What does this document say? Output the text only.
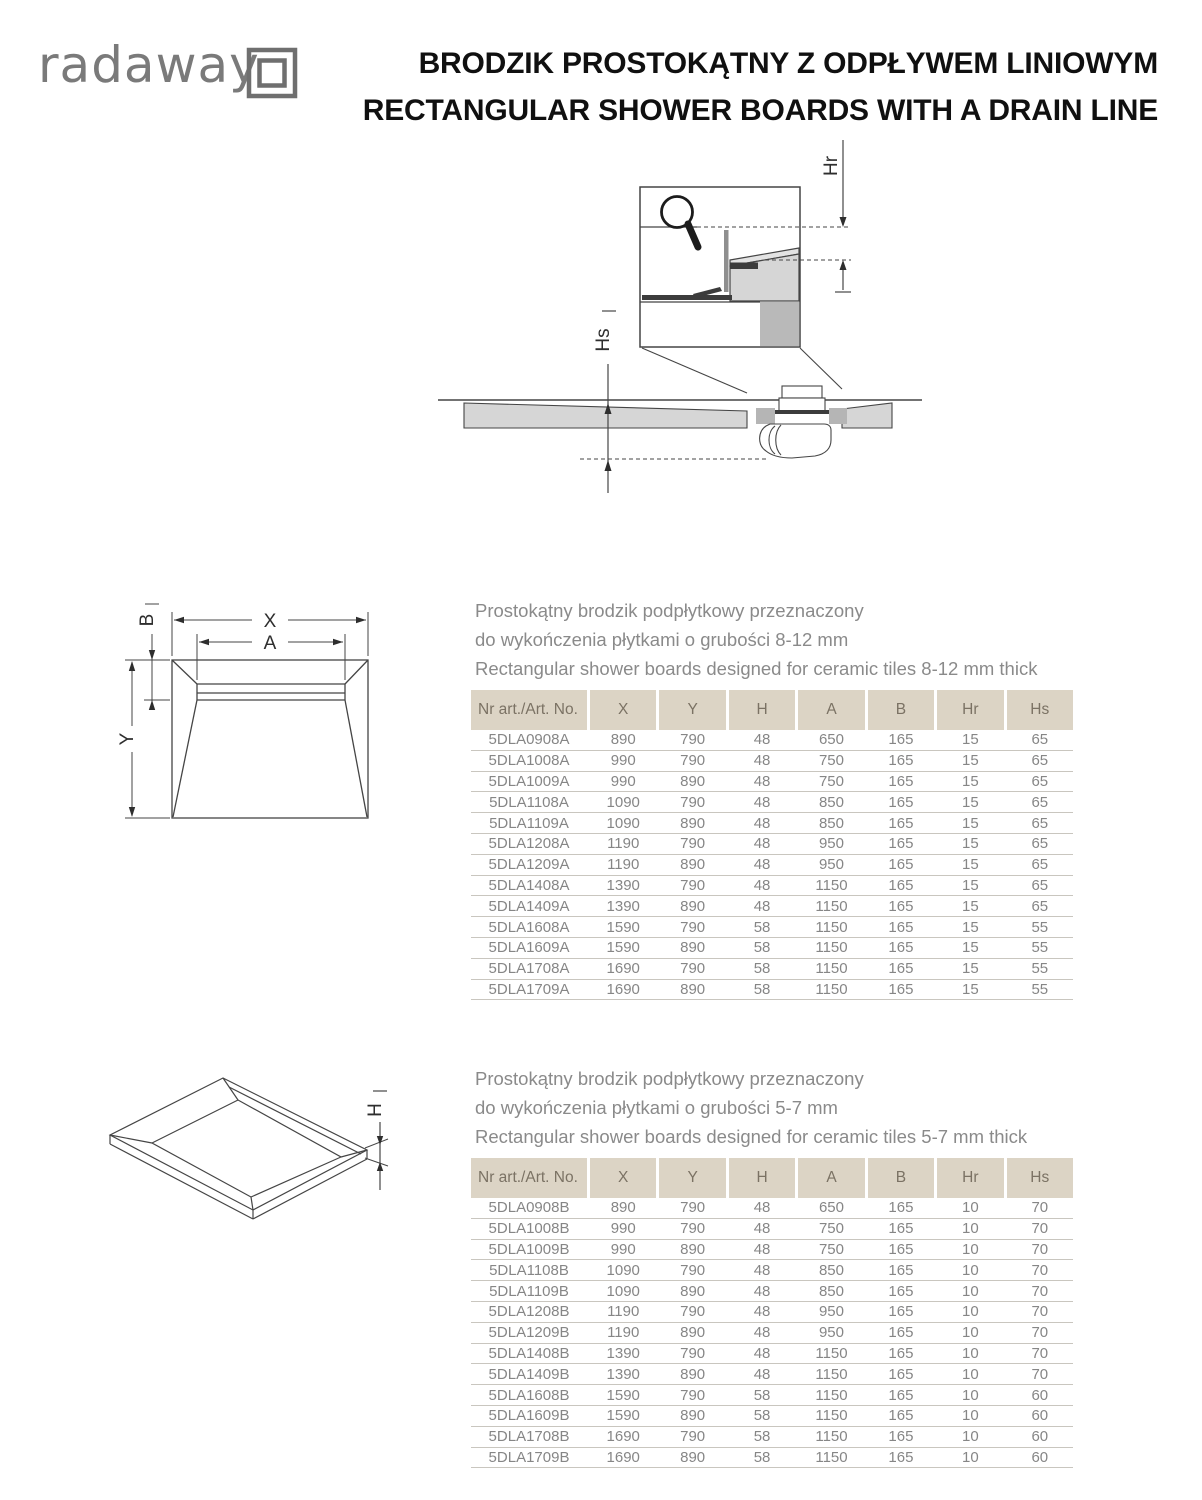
radaway	BRODZIK PROSTOKĄTNY Z ODPŁYWEM LINIOWYM
RECTANGULAR SHOWER BOARDS WITH A DRAIN LINE
Hr
Hs
X
A
B
Y
Prostokątny brodzik podpłytkowy przeznaczony
do wykończenia płytkami o grubości 8-12 mm
Rectangular shower boards designed for ceramic tiles 8-12 mm thick
Nr art./Art. No.	X	Y	H	A	B	Hr	Hs
5DLA0908A	890	790	48	650	165	15	65
5DLA1008A	990	790	48	750	165	15	65
5DLA1009A	990	890	48	750	165	15	65
5DLA1108A	1090	790	48	850	165	15	65
5DLA1109A	1090	890	48	850	165	15	65
5DLA1208A	1190	790	48	950	165	15	65
5DLA1209A	1190	890	48	950	165	15	65
5DLA1408A	1390	790	48	1150	165	15	65
5DLA1409A	1390	890	48	1150	165	15	65
5DLA1608A	1590	790	58	1150	165	15	55
5DLA1609A	1590	890	58	1150	165	15	55
5DLA1708A	1690	790	58	1150	165	15	55
5DLA1709A	1690	890	58	1150	165	15	55
H
Prostokątny brodzik podpłytkowy przeznaczony
do wykończenia płytkami o grubości 5-7 mm
Rectangular shower boards designed for ceramic tiles 5-7 mm thick
Nr art./Art. No.	X	Y	H	A	B	Hr	Hs
5DLA0908B	890	790	48	650	165	10	70
5DLA1008B	990	790	48	750	165	10	70
5DLA1009B	990	890	48	750	165	10	70
5DLA1108B	1090	790	48	850	165	10	70
5DLA1109B	1090	890	48	850	165	10	70
5DLA1208B	1190	790	48	950	165	10	70
5DLA1209B	1190	890	48	950	165	10	70
5DLA1408B	1390	790	48	1150	165	10	70
5DLA1409B	1390	890	48	1150	165	10	70
5DLA1608B	1590	790	58	1150	165	10	60
5DLA1609B	1590	890	58	1150	165	10	60
5DLA1708B	1690	790	58	1150	165	10	60
5DLA1709B	1690	890	58	1150	165	10	60
